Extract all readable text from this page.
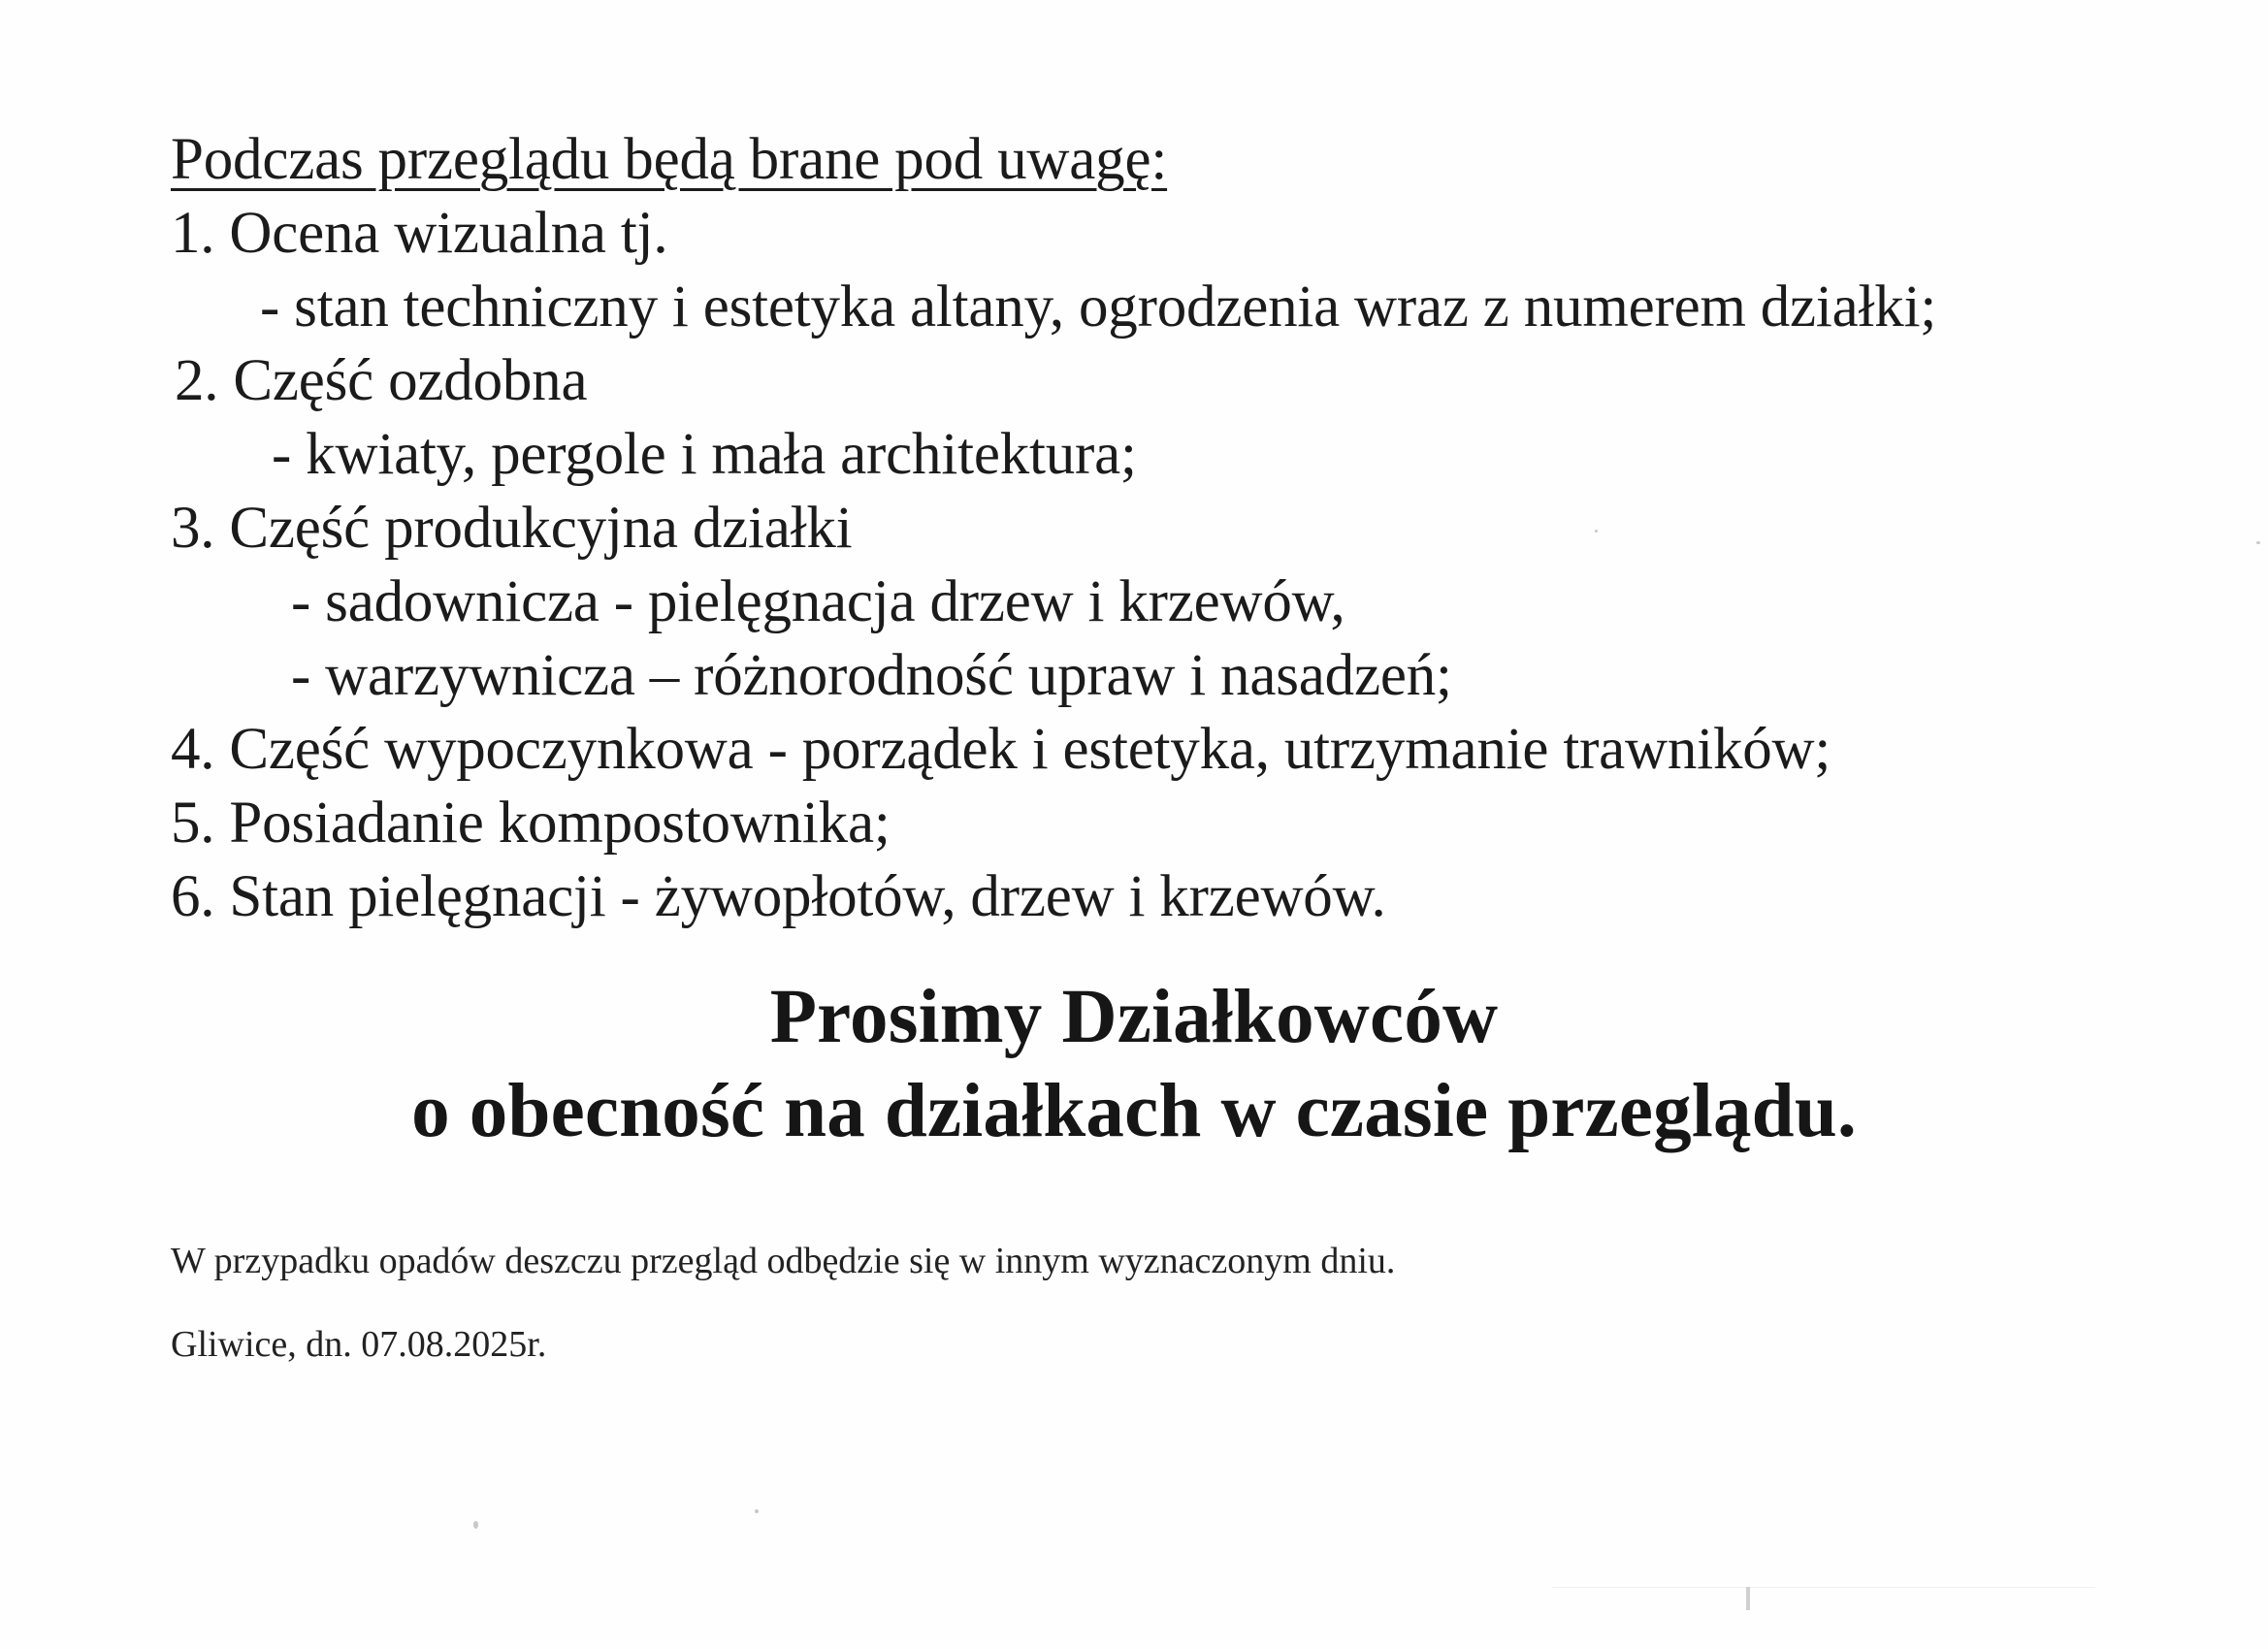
Podczas przeglądu będą brane pod uwagę:
1. Ocena wizualna tj.
- stan techniczny i estetyka altany, ogrodzenia wraz z numerem działki;
2. Część ozdobna
- kwiaty, pergole i mała architektura;
3. Część produkcyjna działki
- sadownicza - pielęgnacja drzew i krzewów,
- warzywnicza – różnorodność upraw i nasadzeń;
4. Część wypoczynkowa - porządek i estetyka, utrzymanie trawników;
5. Posiadanie kompostownika;
6. Stan pielęgnacji - żywopłotów, drzew i krzewów.
Prosimy Działkowców
o obecność na działkach w czasie przeglądu.
W przypadku opadów deszczu przegląd odbędzie się w innym wyznaczonym dniu.
Gliwice, dn. 07.08.2025r.
